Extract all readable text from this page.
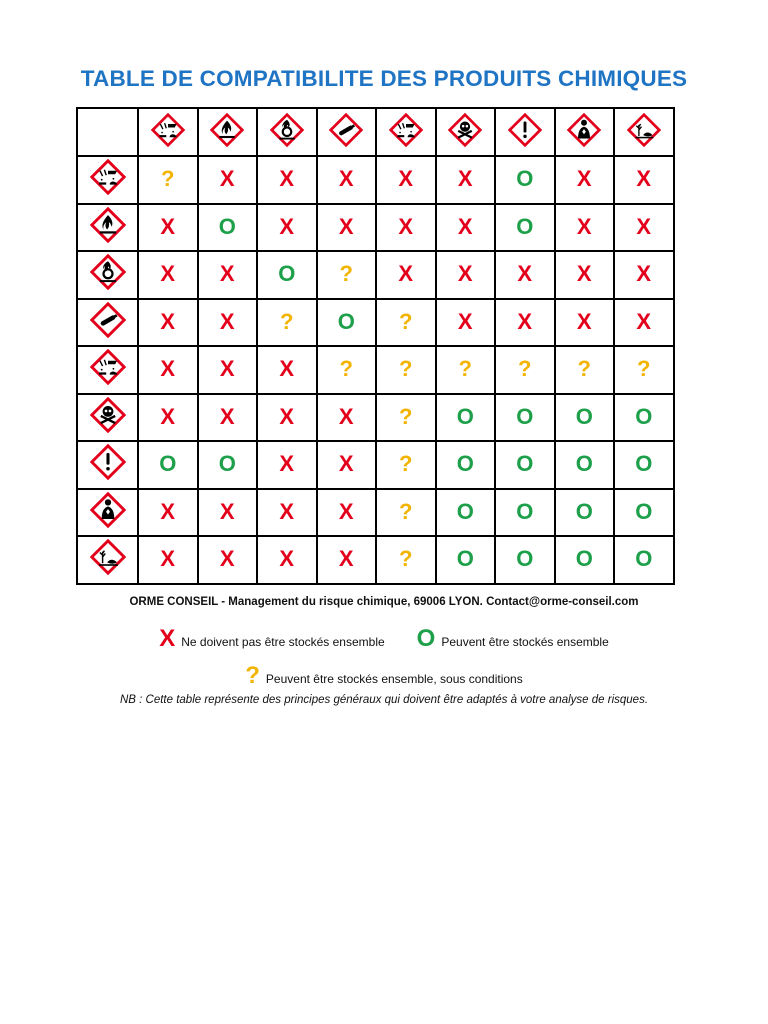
TABLE DE COMPATIBILITE DES PRODUITS CHIMIQUES

	?	X	X	X	X	X	O	X	X

	X	O	X	X	X	X	O	X	X

	X	X	O	?	X	X	X	X	X

	X	X	?	O	?	X	X	X	X

	X	X	X	?	?	?	?	?	?

	X	X	X	X	?	O	O	O	O

	O	O	X	X	?	O	O	O	O

	X	X	X	X	?	O	O	O	O

	X	X	X	X	?	O	O	O	O
ORME CONSEIL - Management du risque chimique, 69006 LYON. Contact@orme-conseil.com
X Ne doivent pas être stockés ensemble O Peuvent être stockés ensemble
? Peuvent être stockés ensemble, sous conditions
NB : Cette table représente des principes généraux qui doivent être adaptés à votre analyse de risques.
